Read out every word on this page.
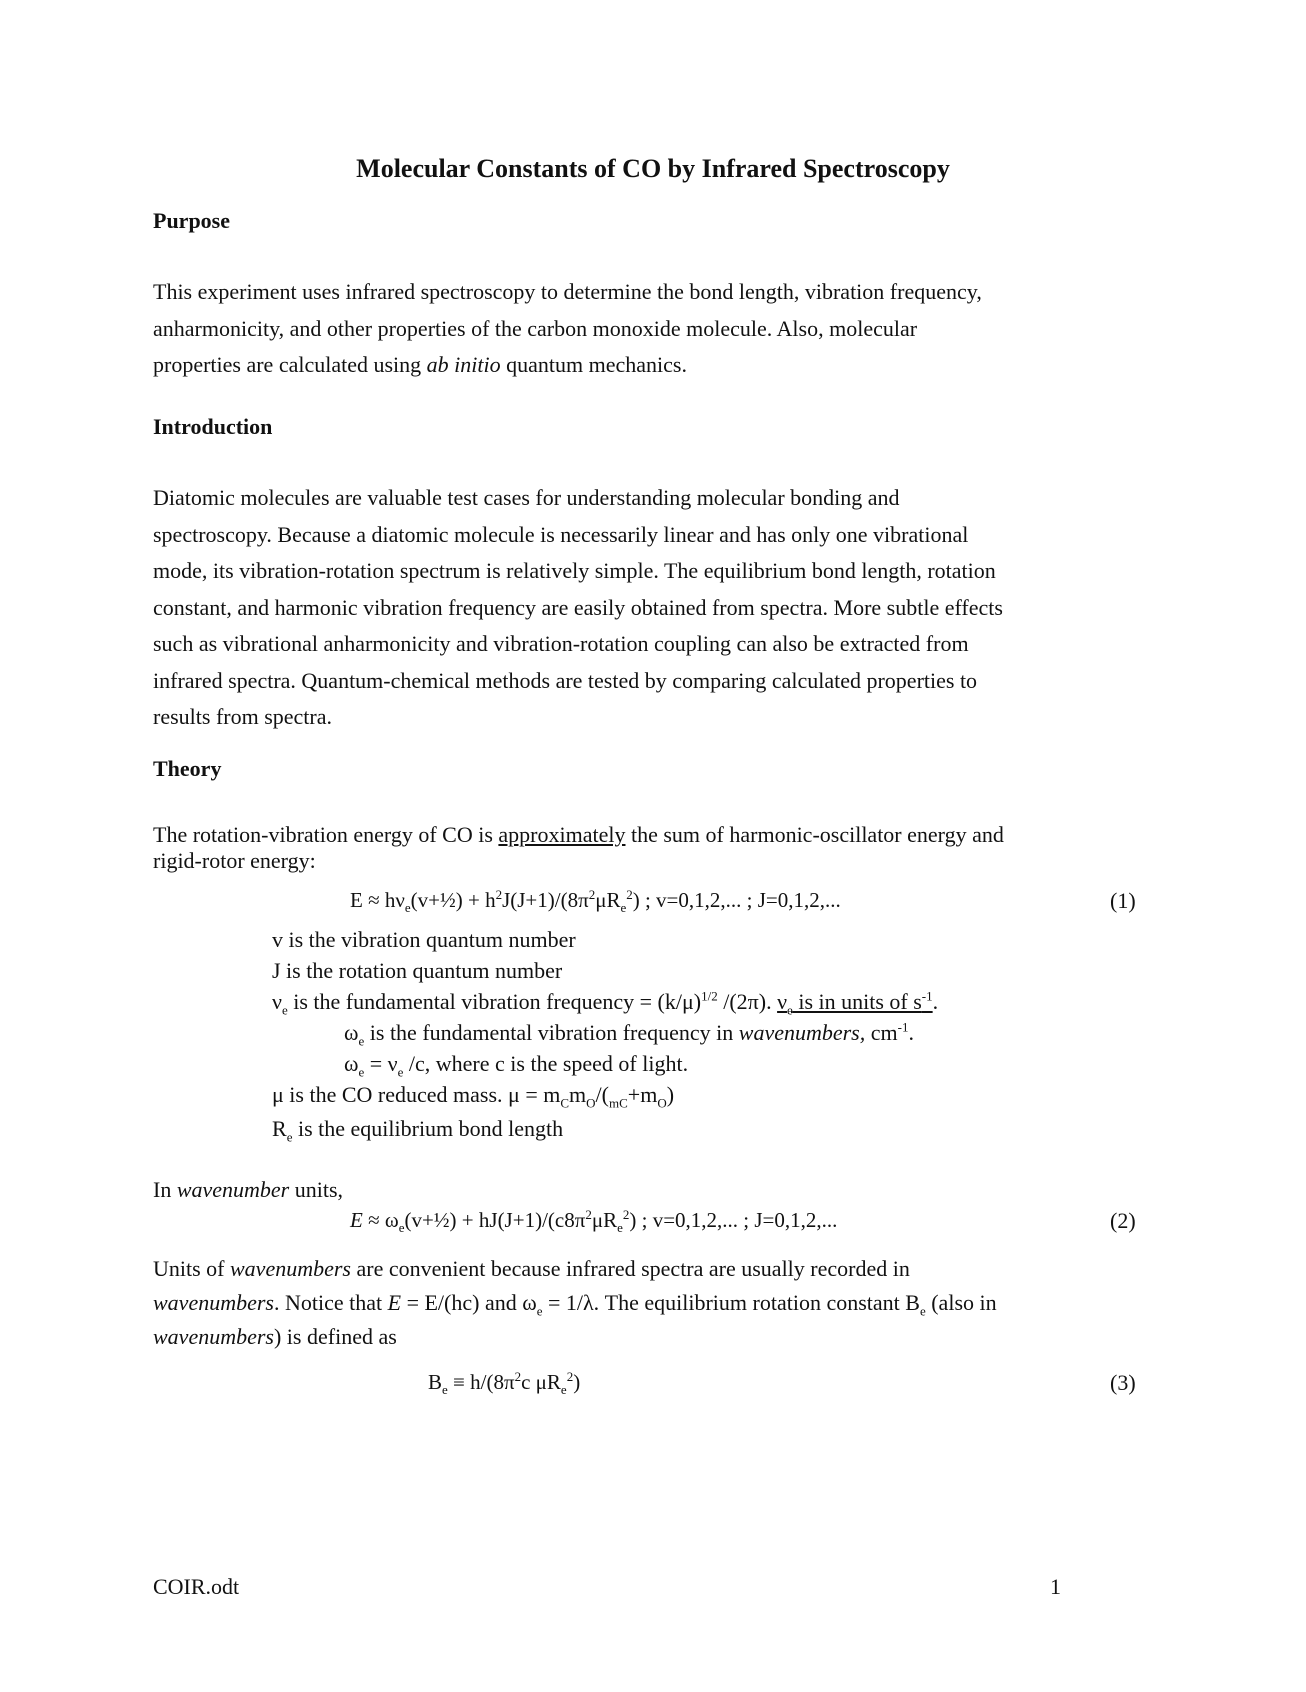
Molecular Constants of CO by Infrared Spectroscopy
Purpose

This experiment uses infrared spectroscopy to determine the bond length, vibration frequency,

anharmonicity, and other properties of the carbon monoxide molecule. Also, molecular

properties are calculated using ab initio quantum mechanics.

Introduction

Diatomic molecules are valuable test cases for understanding molecular bonding and

spectroscopy. Because a diatomic molecule is necessarily linear and has only one vibrational

mode, its vibration-rotation spectrum is relatively simple. The equilibrium bond length, rotation

constant, and harmonic vibration frequency are easily obtained from spectra. More subtle effects

such as vibrational anharmonicity and vibration-rotation coupling can also be extracted from

infrared spectra. Quantum-chemical methods are tested by comparing calculated properties to

results from spectra.

Theory
The rotation-vibration energy of CO is approximately the sum of harmonic-oscillator energy and
rigid-rotor energy:
$E \approx h\nu_e(v+\frac{1}{2}) + h^2J(J+1)/(8\pi^2\mu R_e^2)$ ; v=0,1,2,... ; J=0,1,2,...	(1)
v is the vibration quantum number
J is the rotation quantum number
$\nu_e$ is the fundamental vibration frequency = $(k/\mu)^{1/2}$ /(2π). $\nu_e$ is in units of $s^{-1}$.
$\omega_e$ is the fundamental vibration frequency in wavenumbers, $cm^{-1}$.
$\omega_e = \nu_e$ /c, where c is the speed of light.
μ is the CO reduced mass. $\mu = m_Cm_O/(_{mC}+m_O)$
$R_e$ is the equilibrium bond length
In wavenumber units,
$E \approx \omega_e(v+\frac{1}{2}) + hJ(J+1)/(c8\pi^2\mu R_e^2)$ ; v=0,1,2,... ; J=0,1,2,...	(2)

Units of wavenumbers are convenient because infrared spectra are usually recorded in

wavenumbers. Notice that E = E/(hc) and $\omega_e = 1/\lambda$. The equilibrium rotation constant $B_e$ (also in

wavenumbers) is defined as

$B_e \equiv h/(8\pi^2c$ $\mu R_e^2$)	(3)
COIR.odt	1
